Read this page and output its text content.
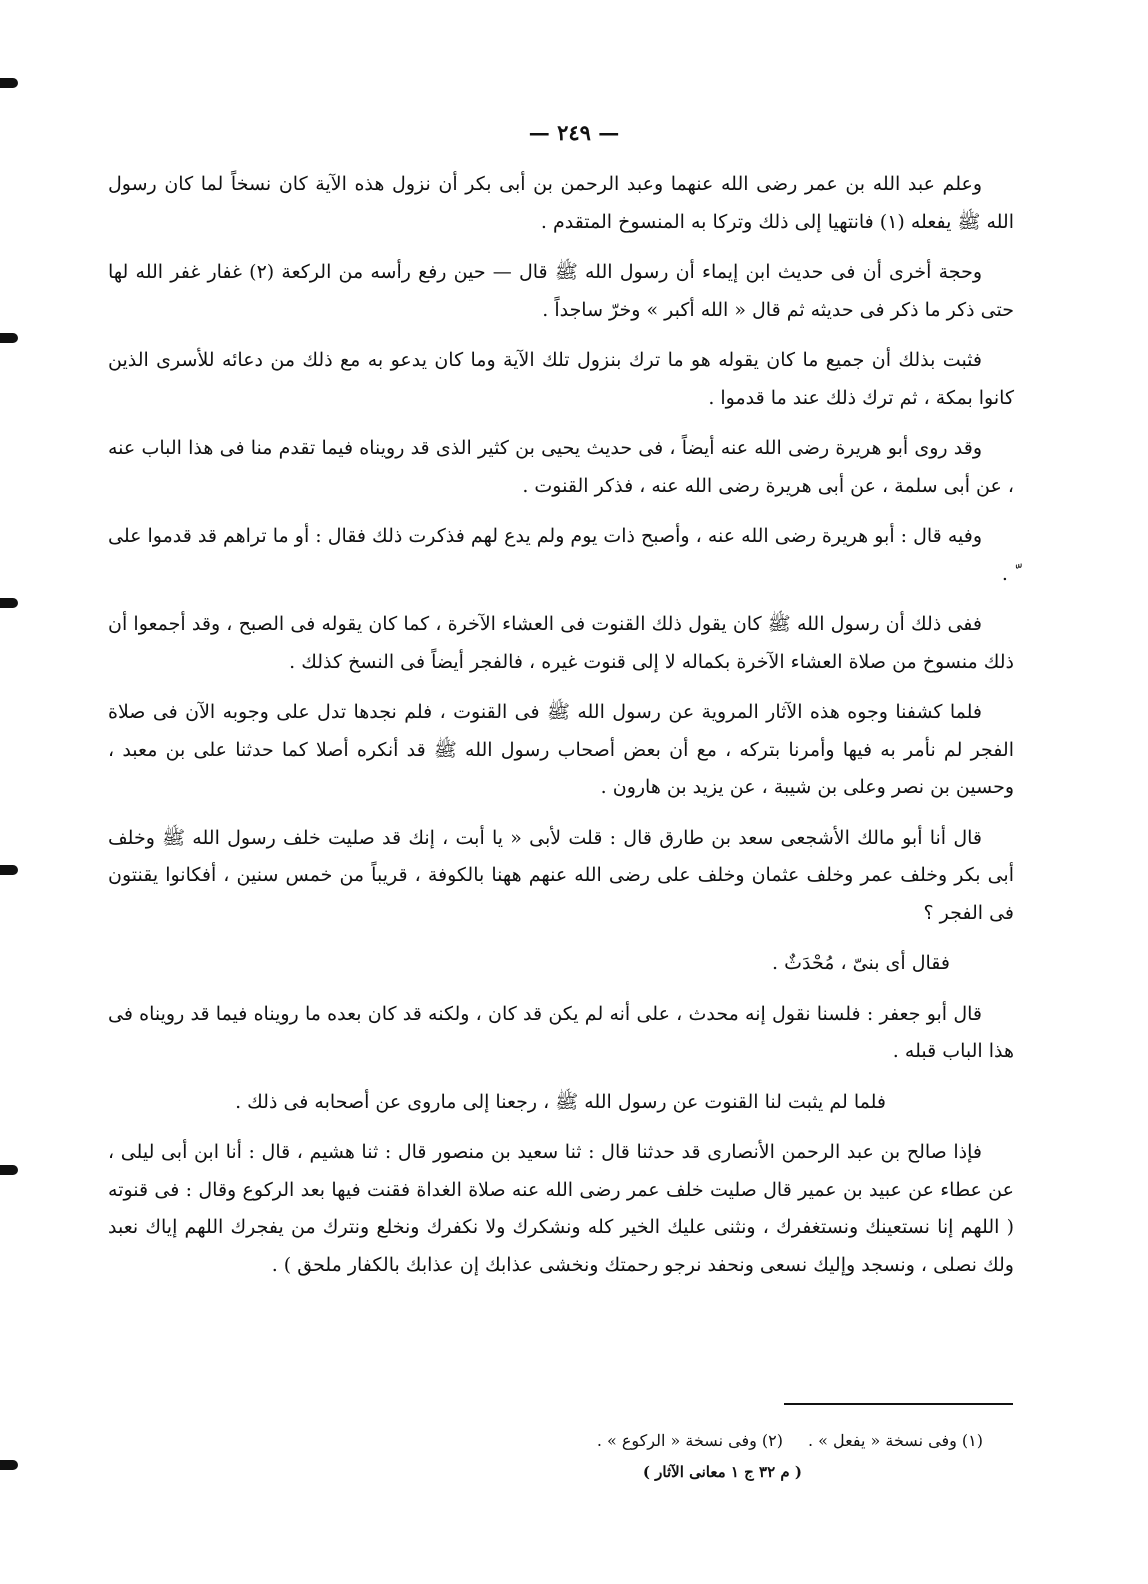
— ٢٤٩ —

وعلم عبد الله بن عمر رضى الله عنهما وعبد الرحمن بن أبى بكر أن نزول هذه الآية كان نسخاً لما كان رسول الله ﷺ يفعله (١) فانتهيا إلى ذلك وتركا به المنسوخ المتقدم .

وحجة أخرى أن فى حديث ابن إيماء أن رسول الله ﷺ قال — حين رفع رأسه من الركعة (٢) غفار غفر الله لها حتى ذكر ما ذكر فى حديثه ثم قال « الله أكبر » وخرّ ساجداً .

فثبت بذلك أن جميع ما كان يقوله هو ما ترك بنزول تلك الآية وما كان يدعو به مع ذلك من دعائه للأسرى الذين كانوا بمكة ، ثم ترك ذلك عند ما قدموا .

وقد روى أبو هريرة رضى الله عنه أيضاً ، فى حديث يحيى بن كثير الذى قد رويناه فيما تقدم منا فى هذا الباب عنه ، عن أبى سلمة ، عن أبى هريرة رضى الله عنه ، فذكر القنوت .

وفيه قال : أبو هريرة رضى الله عنه ، وأصبح ذات يوم ولم يدع لهم فذكرت ذلك فقال : أو ما تراهم قد قدموا على ّ .

ففى ذلك أن رسول الله ﷺ كان يقول ذلك القنوت فى العشاء الآخرة ، كما كان يقوله فى الصبح ، وقد أجمعوا أن ذلك منسوخ من صلاة العشاء الآخرة بكماله لا إلى قنوت غيره ، فالفجر أيضاً فى النسخ كذلك .

فلما كشفنا وجوه هذه الآثار المروية عن رسول الله ﷺ فى القنوت ، فلم نجدها تدل على وجوبه الآن فى صلاة الفجر لم نأمر به فيها وأمرنا بتركه ، مع أن بعض أصحاب رسول الله ﷺ قد أنكره أصلا كما حدثنا على بن معبد ، وحسين بن نصر وعلى بن شيبة ، عن يزيد بن هارون .

قال أنا أبو مالك الأشجعى سعد بن طارق قال : قلت لأبى « يا أبت ، إنك قد صليت خلف رسول الله ﷺ وخلف أبى بكر وخلف عمر وخلف عثمان وخلف على رضى الله عنهم ههنا بالكوفة ، قريباً من خمس سنين ، أفكانوا يقنتون فى الفجر ؟

فقال أى بنىّ ، مُحْدَثٌ .

قال أبو جعفر : فلسنا نقول إنه محدث ، على أنه لم يكن قد كان ، ولكنه قد كان بعده ما رويناه فيما قد رويناه فى هذا الباب قبله .

فلما لم يثبت لنا القنوت عن رسول الله ﷺ ، رجعنا إلى ماروى عن أصحابه فى ذلك .

فإذا صالح بن عبد الرحمن الأنصارى قد حدثنا قال : ثنا سعيد بن منصور قال : ثنا هشيم ، قال : أنا ابن أبى ليلى ، عن عطاء عن عبيد بن عمير قال صليت خلف عمر رضى الله عنه صلاة الغداة فقنت فيها بعد الركوع وقال : فى قنوته ( اللهم إنا نستعينك ونستغفرك ، ونثنى عليك الخير كله ونشكرك ولا نكفرك ونخلع ونترك من يفجرك اللهم إياك نعبد ولك نصلى ، ونسجد وإليك نسعى ونحفد نرجو رحمتك ونخشى عذابك إن عذابك بالكفار ملحق ) .

(١) وفى نسخة « يفعل » .
(٢) وفى نسخة « الركوع » .
( م ٣٢ ج ١ معانى الآثار )
